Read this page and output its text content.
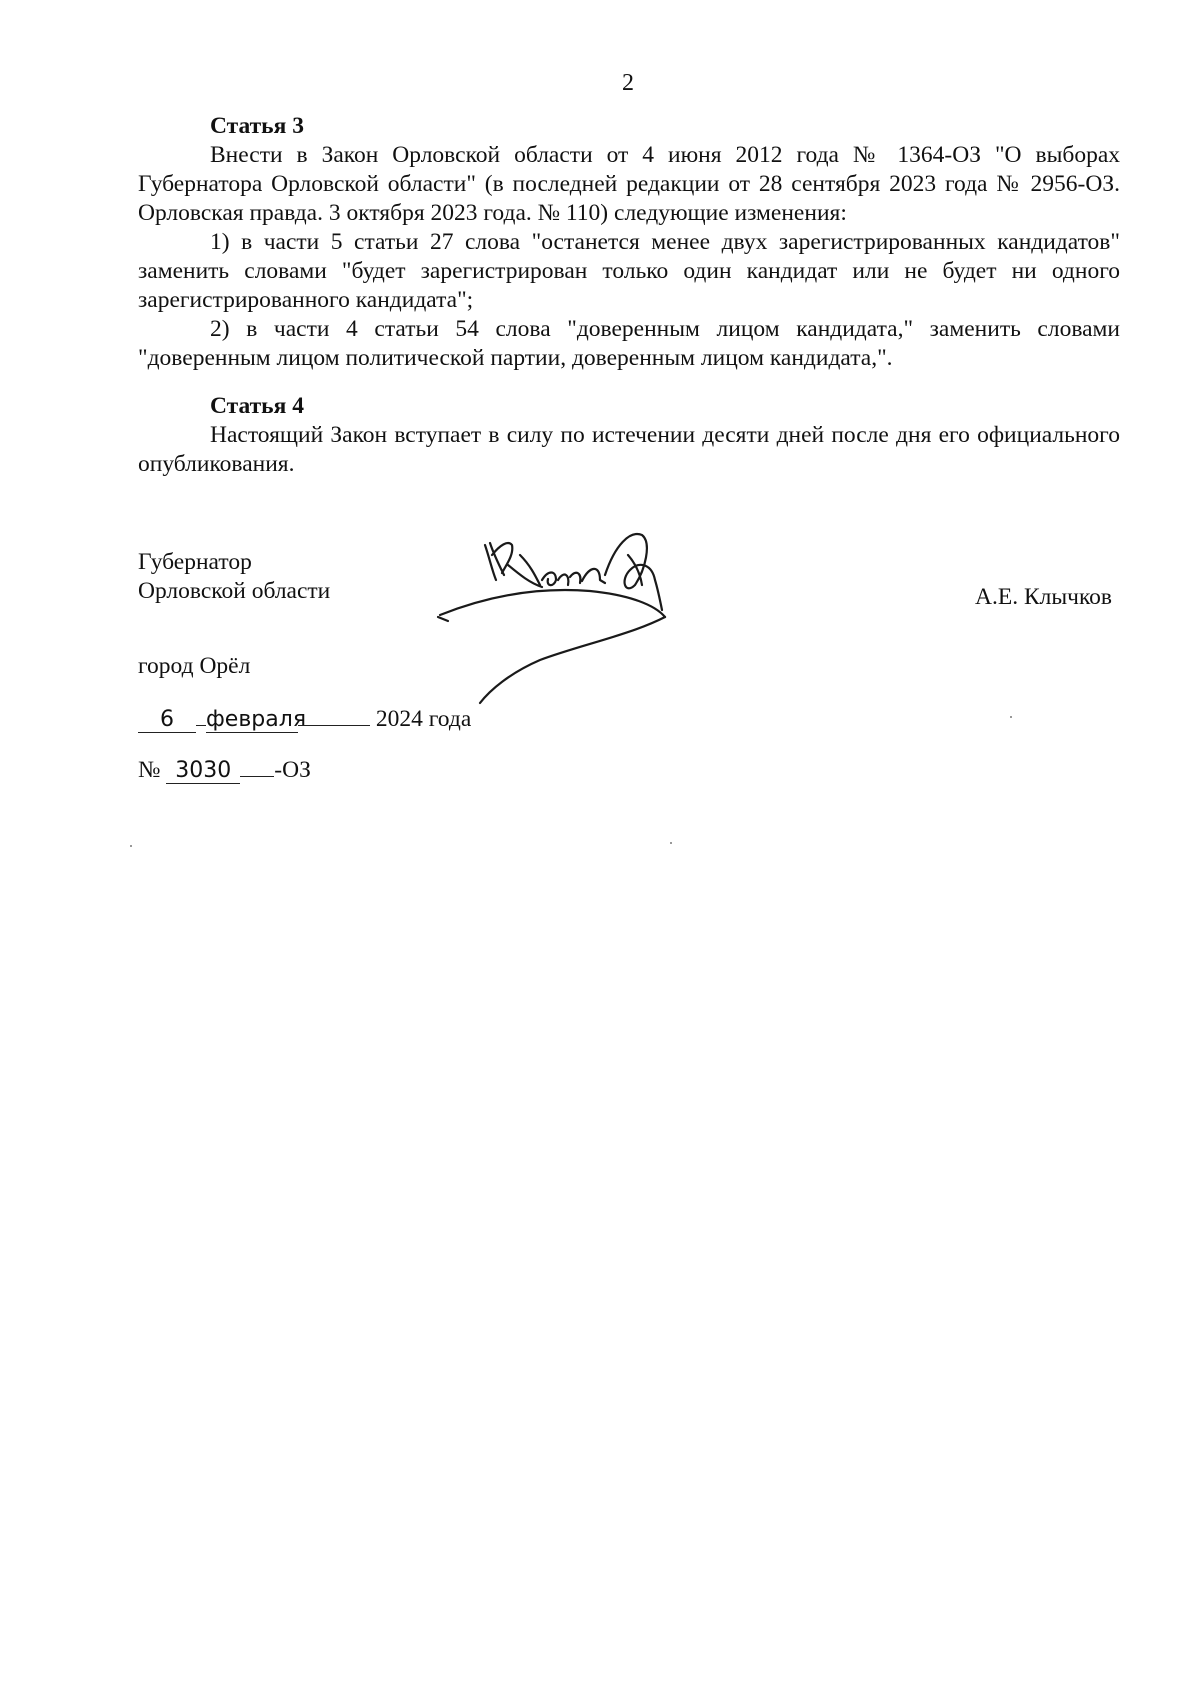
2

Статья 3

Внести в Закон Орловской области от 4 июня 2012 года № 1364-ОЗ "О выборах Губернатора Орловской области" (в последней редакции от 28 сентября 2023 года № 2956-ОЗ. Орловская правда. 3 октября 2023 года. № 110) следующие изменения:

1) в части 5 статьи 27 слова "останется менее двух зарегистрированных кандидатов" заменить словами "будет зарегистрирован только один кандидат или не будет ни одного зарегистрированного кандидата";

2) в части 4 статьи 54 слова "доверенным лицом кандидата," заменить словами "доверенным лицом политической партии, доверенным лицом кандидата,".

Статья 4

Настоящий Закон вступает в силу по истечении десяти дней после дня его официального опубликования.

Губернатор
Орловской области	А.Е. Клычков
город Орёл
6 февраля	2024 года
№ 3030 -ОЗ
